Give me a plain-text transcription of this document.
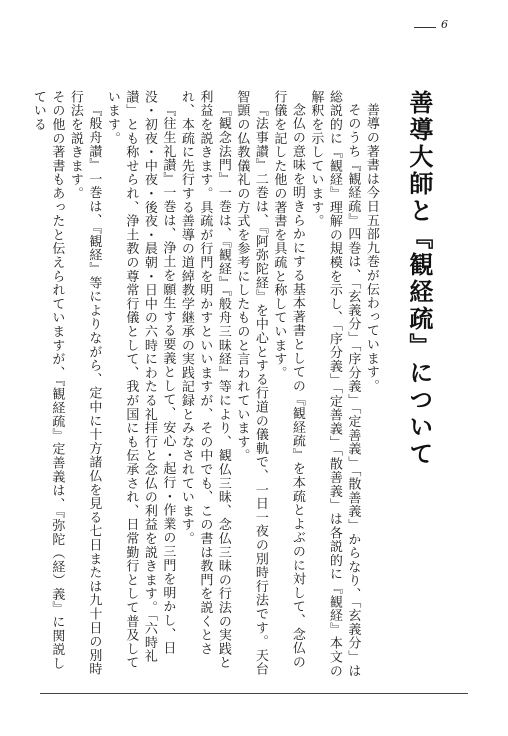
6
善導大師と『観経疏』について

善導の著書は今日五部九巻が伝わっています。

そのうち『観経疏』四巻は、「玄義分」「序分義」「定善義」「散善義」からなり、「玄義分」は総説的に『観経』理解の規模を示し、「序分義」「定善義」「散善義」は各説的に『観経』本文の解釈を示しています。

念仏の意味を明きらかにする基本著書としての『観経疏』を本疏とよぶのに対して、念仏の行儀を記した他の著書を具疏と称しています。

『法事讃』二巻は、『阿弥陀経』を中心とする行道の儀軌で、一日一夜の別時行法です。天台智顗の仏教儀礼の方式を参考にしたものと言われています。

『観念法門』一巻は、『観経』『般舟三昧経』等により、観仏三昧、念仏三昧の行法の実践と利益を説きます。具疏が行門を明かすといいますが、その中でも、この書は教門を説くとされ、本疏に先行する善導の道綽教学継承の実践記録とみなされています。

『往生礼讃』一巻は、浄土を願生する要義として、安心・起行・作業の三門を明かし、日没・初夜・中夜・後夜・晨朝・日中の六時にわたる礼拝行と念仏の利益を説きます。「六時礼讃」とも称せられ、浄土教の尊常行儀として、我が国にも伝承され、日常勤行として普及しています。

『般舟讃』一巻は、『観経』等によりながら、定中に十方諸仏を見る七日または九十日の別時行法を説きます。

その他の著書もあったと伝えられていますが、『観経疏』定善義は、『弥陀（経）義』に関説している
